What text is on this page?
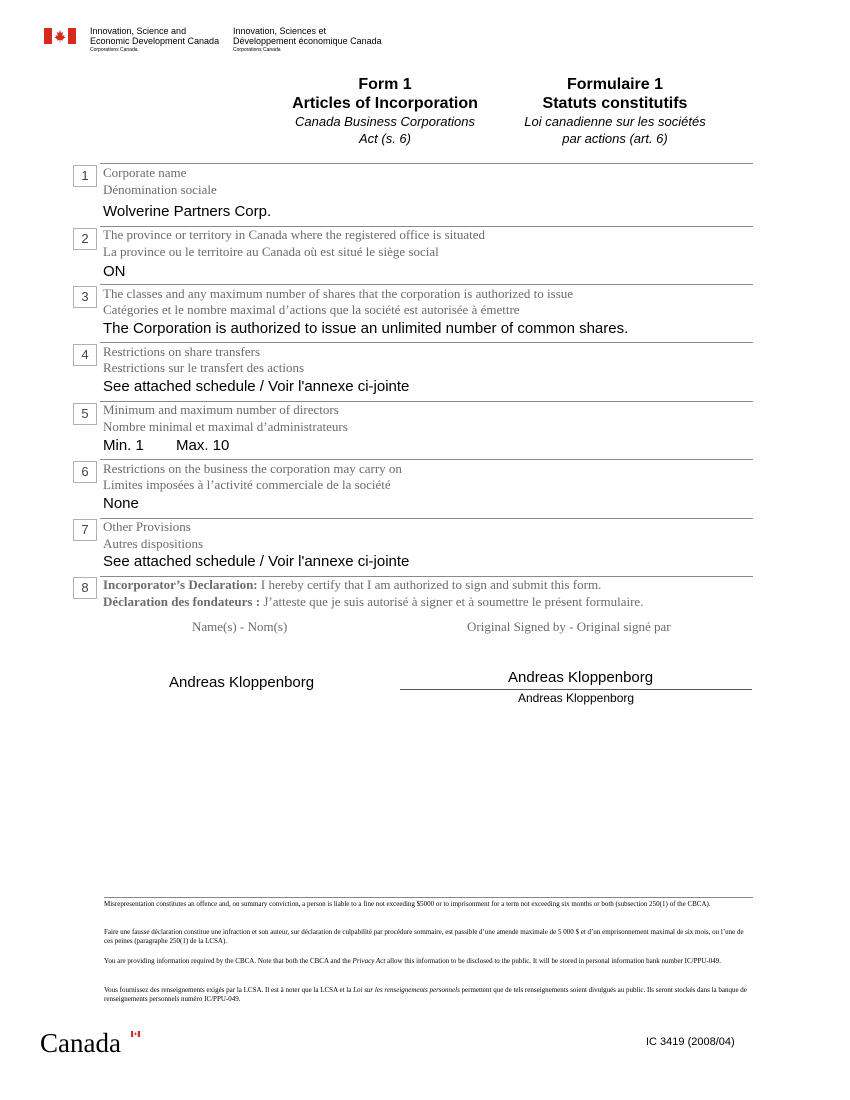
Innovation, Science and
Economic Development Canada
Corporations Canada
Innovation, Sciences et
Développement économique Canada
Corporations Canada
Form 1
Articles of Incorporation
Canada Business Corporations
Act (s. 6)
Formulaire 1
Statuts constitutifs
Loi canadienne sur les sociétés
par actions (art. 6)
1	Corporate name
Dénomination sociale
Wolverine Partners Corp.
2	The province or territory in Canada where the registered office is situated
La province ou le territoire au Canada où est situé le siège social
ON
3	The classes and any maximum number of shares that the corporation is authorized to issue
Catégories et le nombre maximal d’actions que la société est autorisée à émettre
The Corporation is authorized to issue an unlimited number of common shares.
4	Restrictions on share transfers
Restrictions sur le transfert des actions
See attached schedule / Voir l'annexe ci-jointe
5	Minimum and maximum number of directors
Nombre minimal et maximal d’administrateurs
Min. 1 Max. 10
6	Restrictions on the business the corporation may carry on
Limites imposées à l’activité commerciale de la société
None
7	Other Provisions
Autres dispositions
See attached schedule / Voir l'annexe ci-jointe
8	Incorporator’s Declaration: I hereby certify that I am authorized to sign and submit this form.
Déclaration des fondateurs : J’atteste que je suis autorisé à signer et à soumettre le présent formulaire.
Name(s) - Nom(s)	Original Signed by - Original signé par
Andreas Kloppenborg	Andreas Kloppenborg
Andreas Kloppenborg
Misrepresentation constitutes an offence and, on summary conviction, a person is liable to a fine not exceeding $5000 or to imprisonment for a term not exceeding six months or both (subsection 250(1) of the CBCA).
Faire une fausse déclaration constitue une infraction et son auteur, sur déclaration de culpabilité par procédure sommaire, est passible d’une amende maximale de 5 000 $ et d’un emprisonnement maximal de six mois, ou l’une de ces peines (paragraphe 250(1) de la LCSA).
You are providing information required by the CBCA. Note that both the CBCA and the Privacy Act allow this information to be disclosed to the public. It will be stored in personal information bank number IC/PPU-049.
Vous fournissez des renseignements exigés par la LCSA. Il est à noter que la LCSA et la Loi sur les renseignements personnels permettent que de tels renseignements soient divulgués au public. Ils seront stockés dans la banque de renseignements personnels numéro IC/PPU-049.
Canada	IC 3419 (2008/04)
